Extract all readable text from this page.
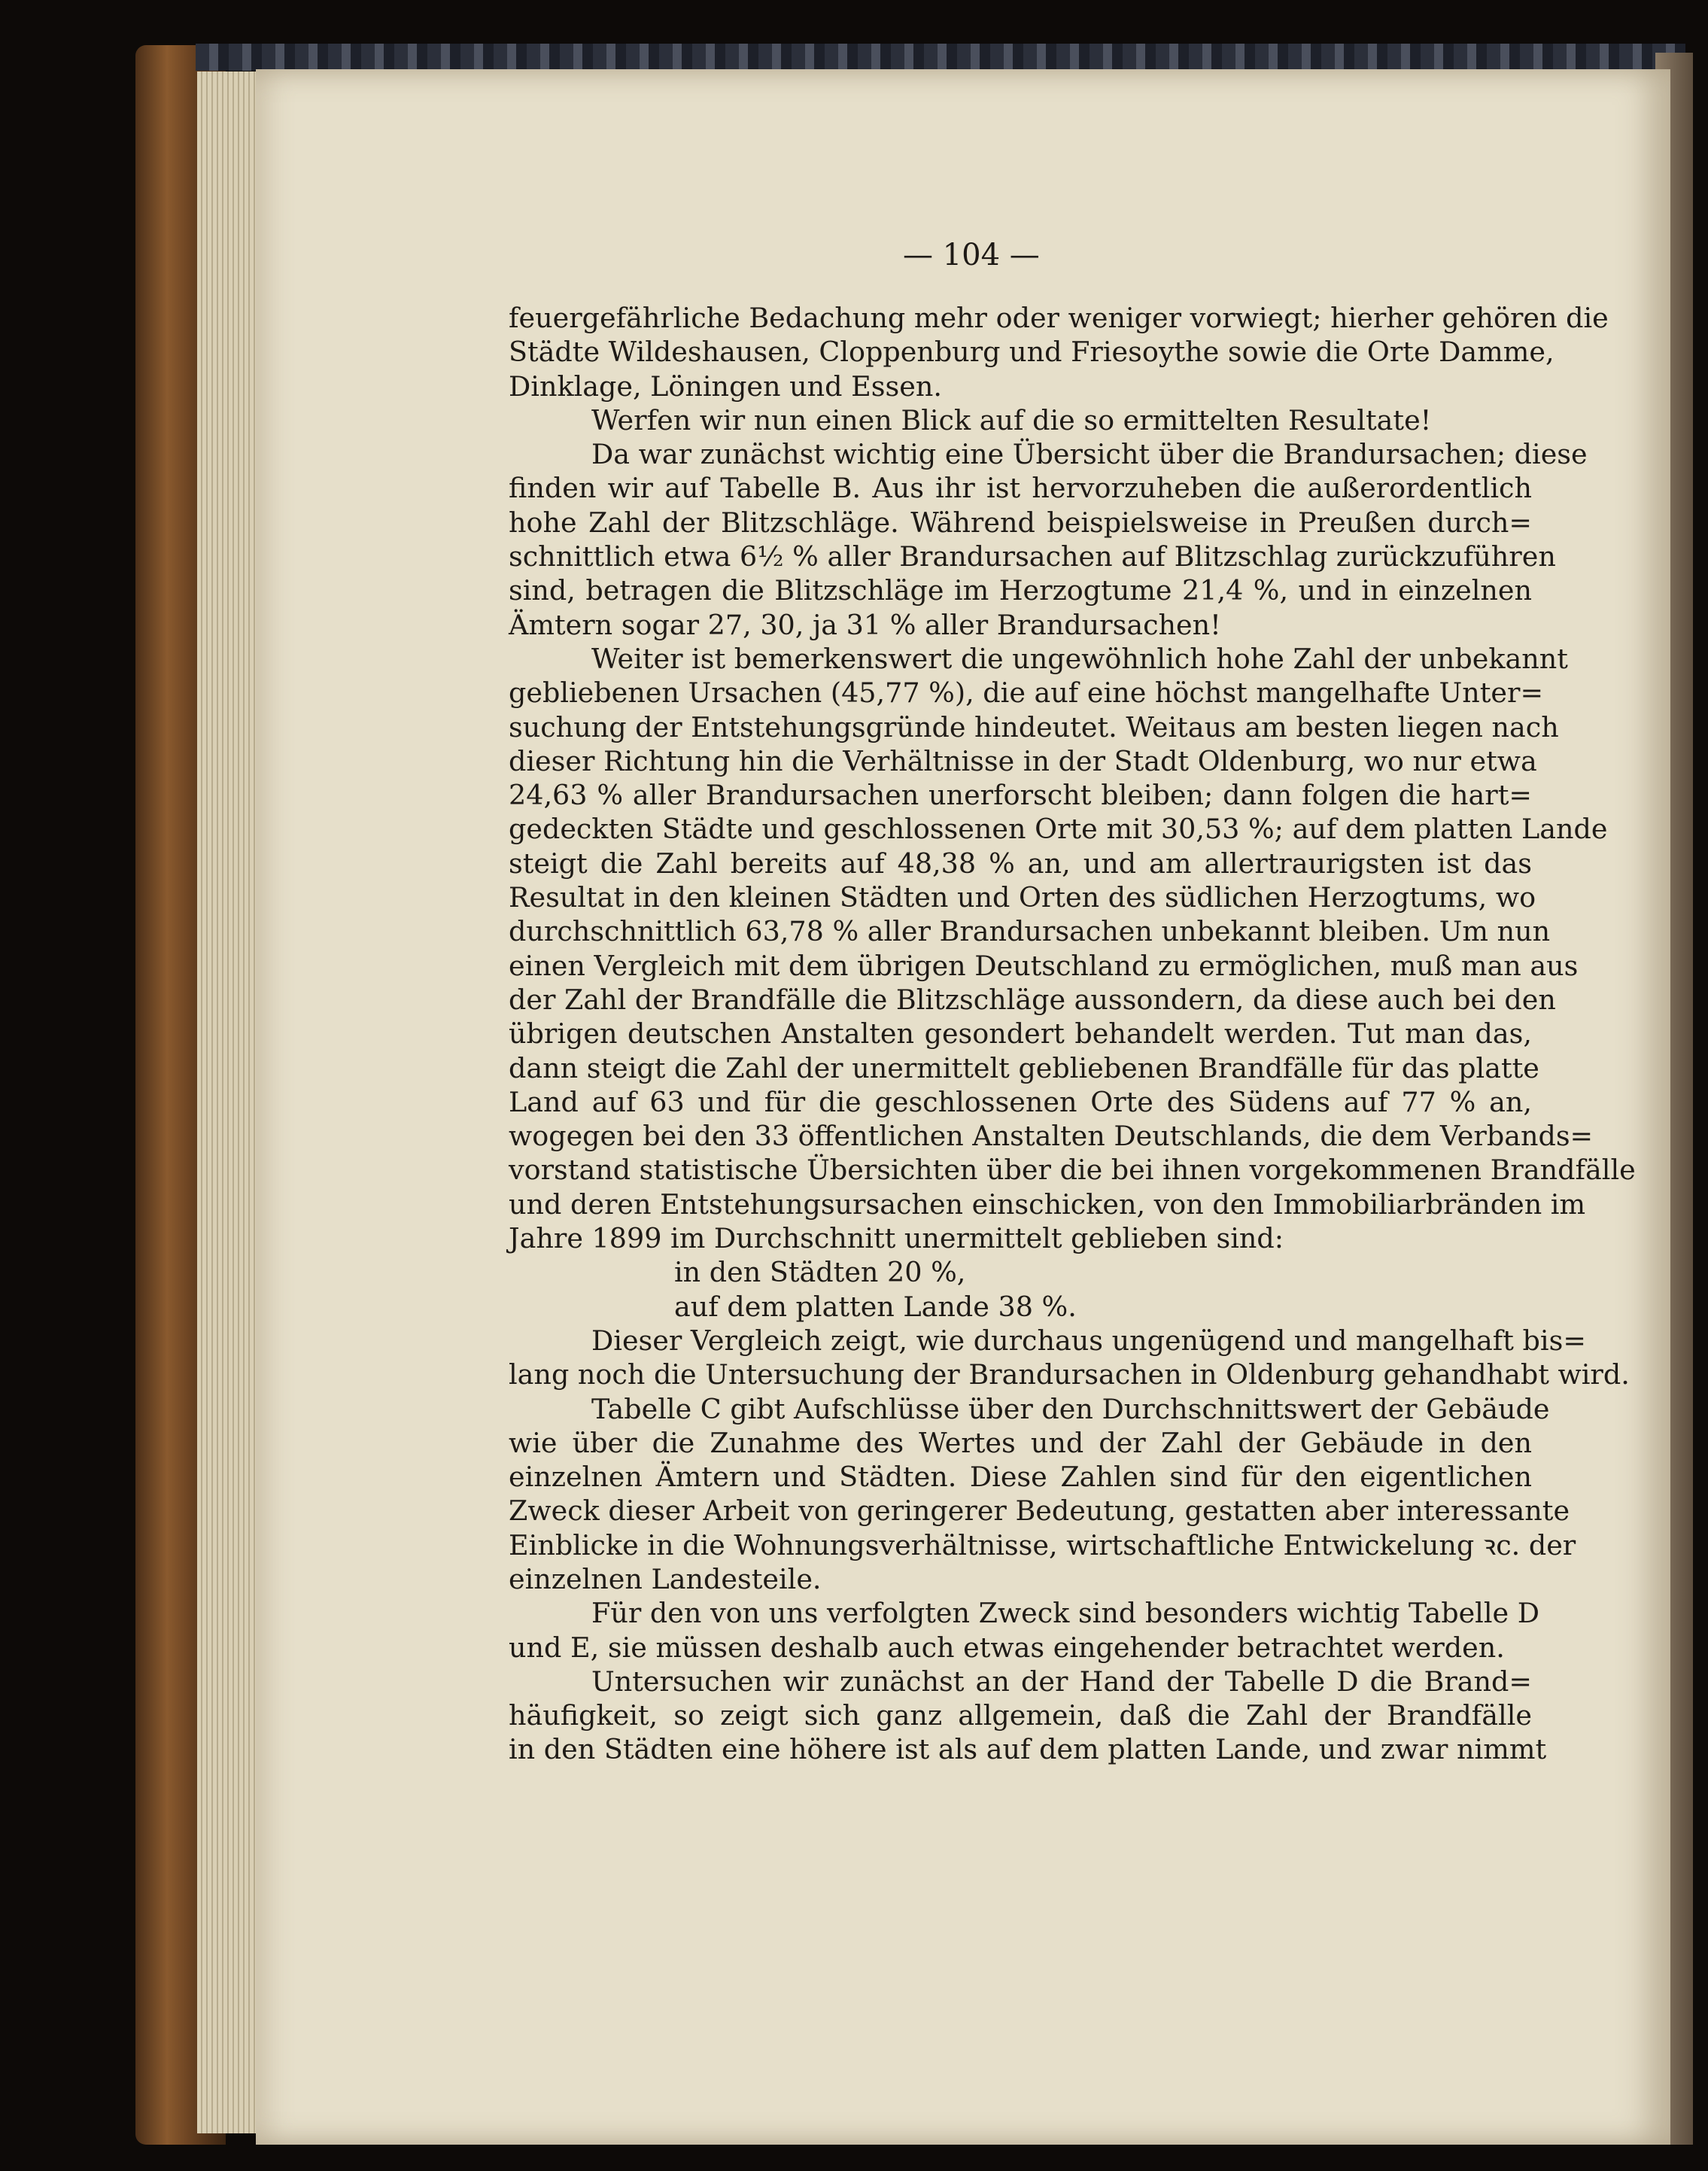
— 104 —

feuergefährliche Bedachung mehr oder weniger vorwiegt; hierher gehören die

Städte Wildeshausen, Cloppenburg und Friesoythe sowie die Orte Damme,

Dinklage, Löningen und Essen.

Werfen wir nun einen Blick auf die so ermittelten Resultate!

Da war zunächst wichtig eine Übersicht über die Brandursachen; diese

finden wir auf Tabelle B. Aus ihr ist hervorzuheben die außerordentlich

hohe Zahl der Blitzschläge. Während beispielsweise in Preußen durch=

schnittlich etwa 6½ % aller Brandursachen auf Blitzschlag zurückzuführen

sind, betragen die Blitzschläge im Herzogtume 21,4 %, und in einzelnen

Ämtern sogar 27, 30, ja 31 % aller Brandursachen!

Weiter ist bemerkenswert die ungewöhnlich hohe Zahl der unbekannt

gebliebenen Ursachen (45,77 %), die auf eine höchst mangelhafte Unter=

suchung der Entstehungsgründe hindeutet. Weitaus am besten liegen nach

dieser Richtung hin die Verhältnisse in der Stadt Oldenburg, wo nur etwa

24,63 % aller Brandursachen unerforscht bleiben; dann folgen die hart=

gedeckten Städte und geschlossenen Orte mit 30,53 %; auf dem platten Lande

steigt die Zahl bereits auf 48,38 % an, und am allertraurigsten ist das

Resultat in den kleinen Städten und Orten des südlichen Herzogtums, wo

durchschnittlich 63,78 % aller Brandursachen unbekannt bleiben. Um nun

einen Vergleich mit dem übrigen Deutschland zu ermöglichen, muß man aus

der Zahl der Brandfälle die Blitzschläge aussondern, da diese auch bei den

übrigen deutschen Anstalten gesondert behandelt werden. Tut man das,

dann steigt die Zahl der unermittelt gebliebenen Brandfälle für das platte

Land auf 63 und für die geschlossenen Orte des Südens auf 77 % an,

wogegen bei den 33 öffentlichen Anstalten Deutschlands, die dem Verbands=

vorstand statistische Übersichten über die bei ihnen vorgekommenen Brandfälle

und deren Entstehungsursachen einschicken, von den Immobiliarbränden im

Jahre 1899 im Durchschnitt unermittelt geblieben sind:

in den Städten 20 %,

auf dem platten Lande 38 %.

Dieser Vergleich zeigt, wie durchaus ungenügend und mangelhaft bis=

lang noch die Untersuchung der Brandursachen in Oldenburg gehandhabt wird.

Tabelle C gibt Aufschlüsse über den Durchschnittswert der Gebäude

wie über die Zunahme des Wertes und der Zahl der Gebäude in den

einzelnen Ämtern und Städten. Diese Zahlen sind für den eigentlichen

Zweck dieser Arbeit von geringerer Bedeutung, gestatten aber interessante

Einblicke in die Wohnungsverhältnisse, wirtschaftliche Entwickelung ꝛc. der

einzelnen Landesteile.

Für den von uns verfolgten Zweck sind besonders wichtig Tabelle D

und E, sie müssen deshalb auch etwas eingehender betrachtet werden.

Untersuchen wir zunächst an der Hand der Tabelle D die Brand=

häufigkeit, so zeigt sich ganz allgemein, daß die Zahl der Brandfälle

in den Städten eine höhere ist als auf dem platten Lande, und zwar nimmt
